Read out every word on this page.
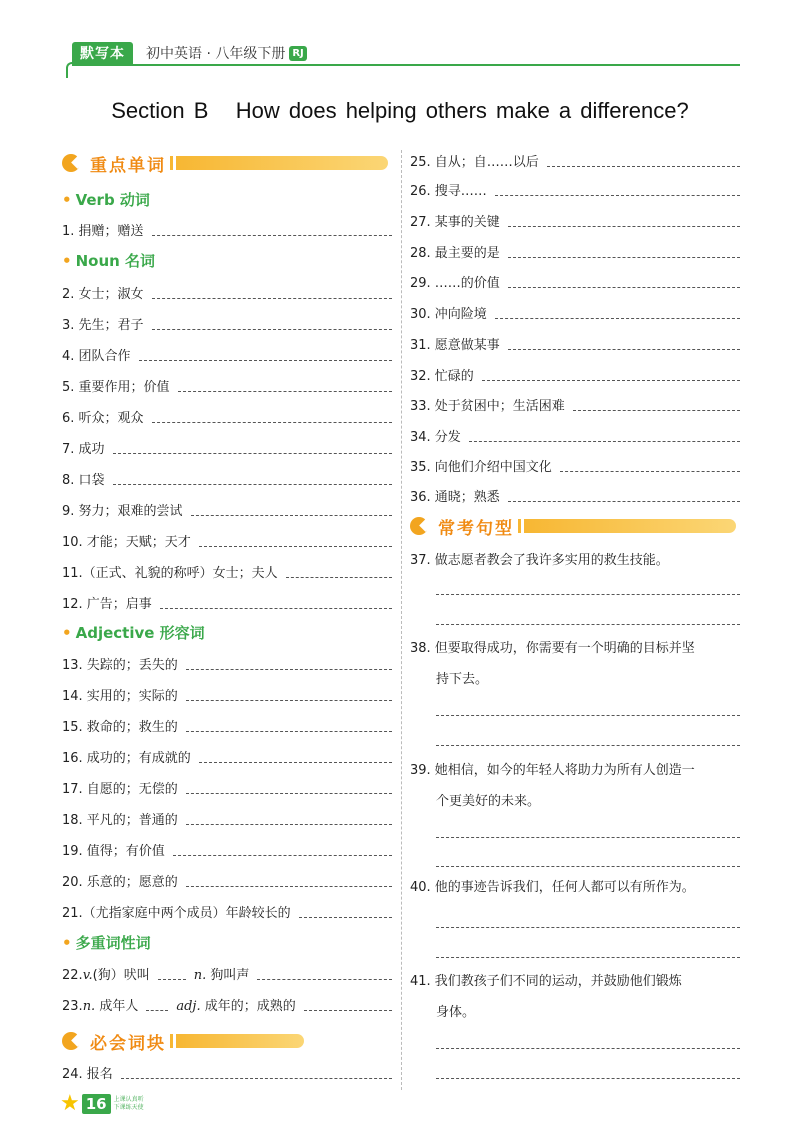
默写本	初中英语 · 八年级下册 RJ
Section B   How does helping others make a difference?
重点单词
• Verb 动词
1. 捐赠；赠送
• Noun 名词
2. 女士；淑女
3. 先生；君子
4. 团队合作
5. 重要作用；价值
6. 听众；观众
7. 成功
8. 口袋
9. 努力；艰难的尝试
10. 才能；天赋；天才
11.（正式、礼貌的称呼）女士；夫人
12. 广告；启事
• Adjective 形容词
13. 失踪的；丢失的
14. 实用的；实际的
15. 救命的；救生的
16. 成功的；有成就的
17. 自愿的；无偿的
18. 平凡的；普通的
19. 值得；有价值
20. 乐意的；愿意的
21.（尤指家庭中两个成员）年龄较长的
• 多重词性词
22.v.(狗）吠叫	n. 狗叫声
23.n. 成年人	adj. 成年的；成熟的
必会词块
24. 报名
25. 自从；自……以后
26. 搜寻……
27. 某事的关键
28. 最主要的是
29. ……的价值
30. 冲向险境
31. 愿意做某事
32. 忙碌的
33. 处于贫困中；生活困难
34. 分发
35. 向他们介绍中国文化
36. 通晓；熟悉
常考句型
37. 做志愿者教会了我许多实用的救生技能。
38. 但要取得成功，你需要有一个明确的目标并坚
持下去。
39. 她相信，如今的年轻人将助力为所有人创造一
个更美好的未来。
40. 他的事迹告诉我们，任何人都可以有所作为。
41. 我们教孩子们不同的运动，并鼓励他们锻炼
身体。
★ 16	上课认真听
下课练天使
